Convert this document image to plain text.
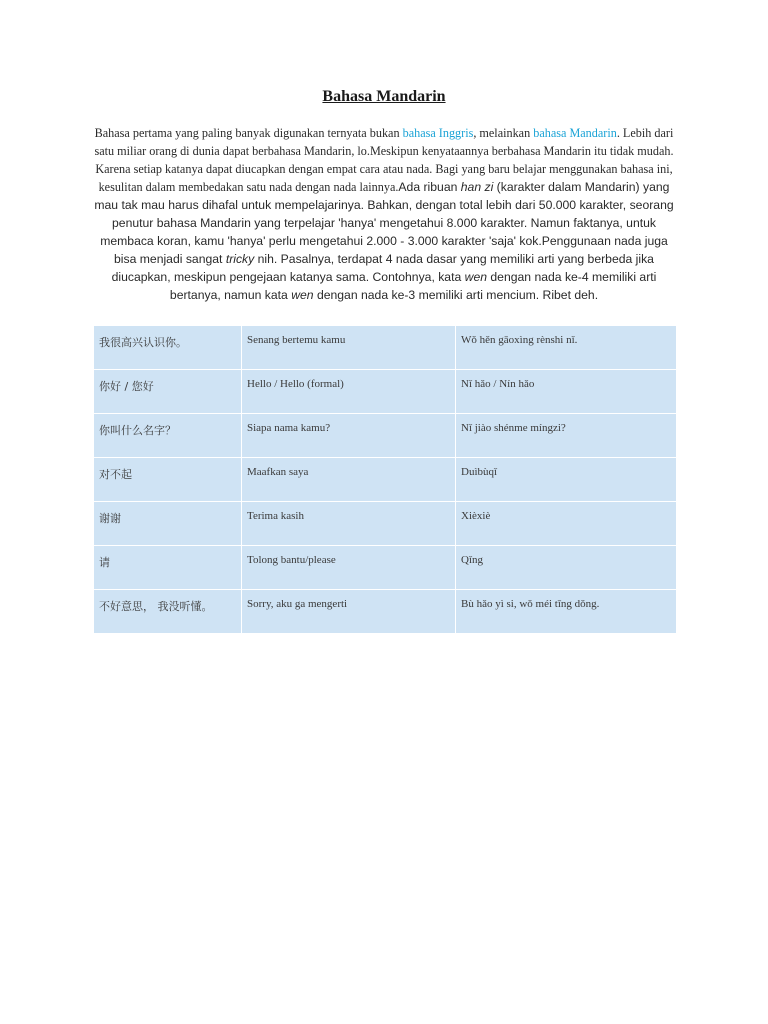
Bahasa Mandarin
Bahasa pertama yang paling banyak digunakan ternyata bukan bahasa Inggris, melainkan bahasa Mandarin. Lebih dari satu miliar orang di dunia dapat berbahasa Mandarin, lo.Meskipun kenyataannya berbahasa Mandarin itu tidak mudah. Karena setiap katanya dapat diucapkan dengan empat cara atau nada. Bagi yang baru belajar menggunakan bahasa ini, kesulitan dalam membedakan satu nada dengan nada lainnya.Ada ribuan han zi (karakter dalam Mandarin) yang mau tak mau harus dihafal untuk mempelajarinya. Bahkan, dengan total lebih dari 50.000 karakter, seorang penutur bahasa Mandarin yang terpelajar 'hanya' mengetahui 8.000 karakter. Namun faktanya, untuk membaca koran, kamu 'hanya' perlu mengetahui 2.000 - 3.000 karakter 'saja' kok.Penggunaan nada juga bisa menjadi sangat tricky nih. Pasalnya, terdapat 4 nada dasar yang memiliki arti yang berbeda jika diucapkan, meskipun pengejaan katanya sama. Contohnya, kata wen dengan nada ke-4 memiliki arti bertanya, namun kata wen dengan nada ke-3 memiliki arti mencium. Ribet deh.
我很高兴认识你。	Senang bertemu kamu	Wǒ hěn gāoxìng rènshi nǐ.
你好 / 您好	Hello / Hello (formal)	Nǐ hǎo / Nín hǎo
你叫什么名字？	Siapa nama kamu?	Nǐ jiào shénme míngzi?
对不起	Maafkan saya	Duìbùqǐ
谢谢	Terima kasih	Xièxiè
请	Tolong bantu/please	Qǐng
不好意思， 我没听懂。	Sorry, aku ga mengerti	Bù hǎo yì si, wǒ méi tīng dǒng.
